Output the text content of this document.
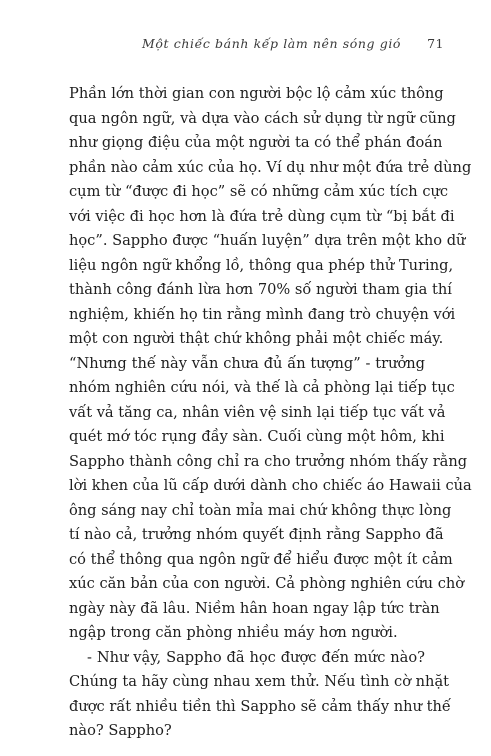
Một chiếc bánh kếp làm nên sóng gió 71
Phần lớn thời gian con người bộc lộ cảm xúc thông
qua ngôn ngữ, và dựa vào cách sử dụng từ ngữ cũng
như giọng điệu của một người ta có thể phán đoán
phần nào cảm xúc của họ. Ví dụ như một đứa trẻ dùng
cụm từ “được đi học” sẽ có những cảm xúc tích cực
với việc đi học hơn là đứa trẻ dùng cụm từ “bị bắt đi
học”. Sappho được “huấn luyện” dựa trên một kho dữ
liệu ngôn ngữ khổng lồ, thông qua phép thử Turing,
thành công đánh lừa hơn 70% số người tham gia thí
nghiệm, khiến họ tin rằng mình đang trò chuyện với
một con người thật chứ không phải một chiếc máy.
“Nhưng thế này vẫn chưa đủ ấn tượng” - trưởng
nhóm nghiên cứu nói, và thế là cả phòng lại tiếp tục
vất vả tăng ca, nhân viên vệ sinh lại tiếp tục vất vả
quét mớ tóc rụng đầy sàn. Cuối cùng một hôm, khi
Sappho thành công chỉ ra cho trưởng nhóm thấy rằng
lời khen của lũ cấp dưới dành cho chiếc áo Hawaii của
ông sáng nay chỉ toàn mỉa mai chứ không thực lòng
tí nào cả, trưởng nhóm quyết định rằng Sappho đã
có thể thông qua ngôn ngữ để hiểu được một ít cảm
xúc căn bản của con người. Cả phòng nghiên cứu chờ
ngày này đã lâu. Niềm hân hoan ngay lập tức tràn
ngập trong căn phòng nhiều máy hơn người.
- Như vậy, Sappho đã học được đến mức nào?
Chúng ta hãy cùng nhau xem thử. Nếu tình cờ nhặt
được rất nhiều tiền thì Sappho sẽ cảm thấy như thế
nào? Sappho?
